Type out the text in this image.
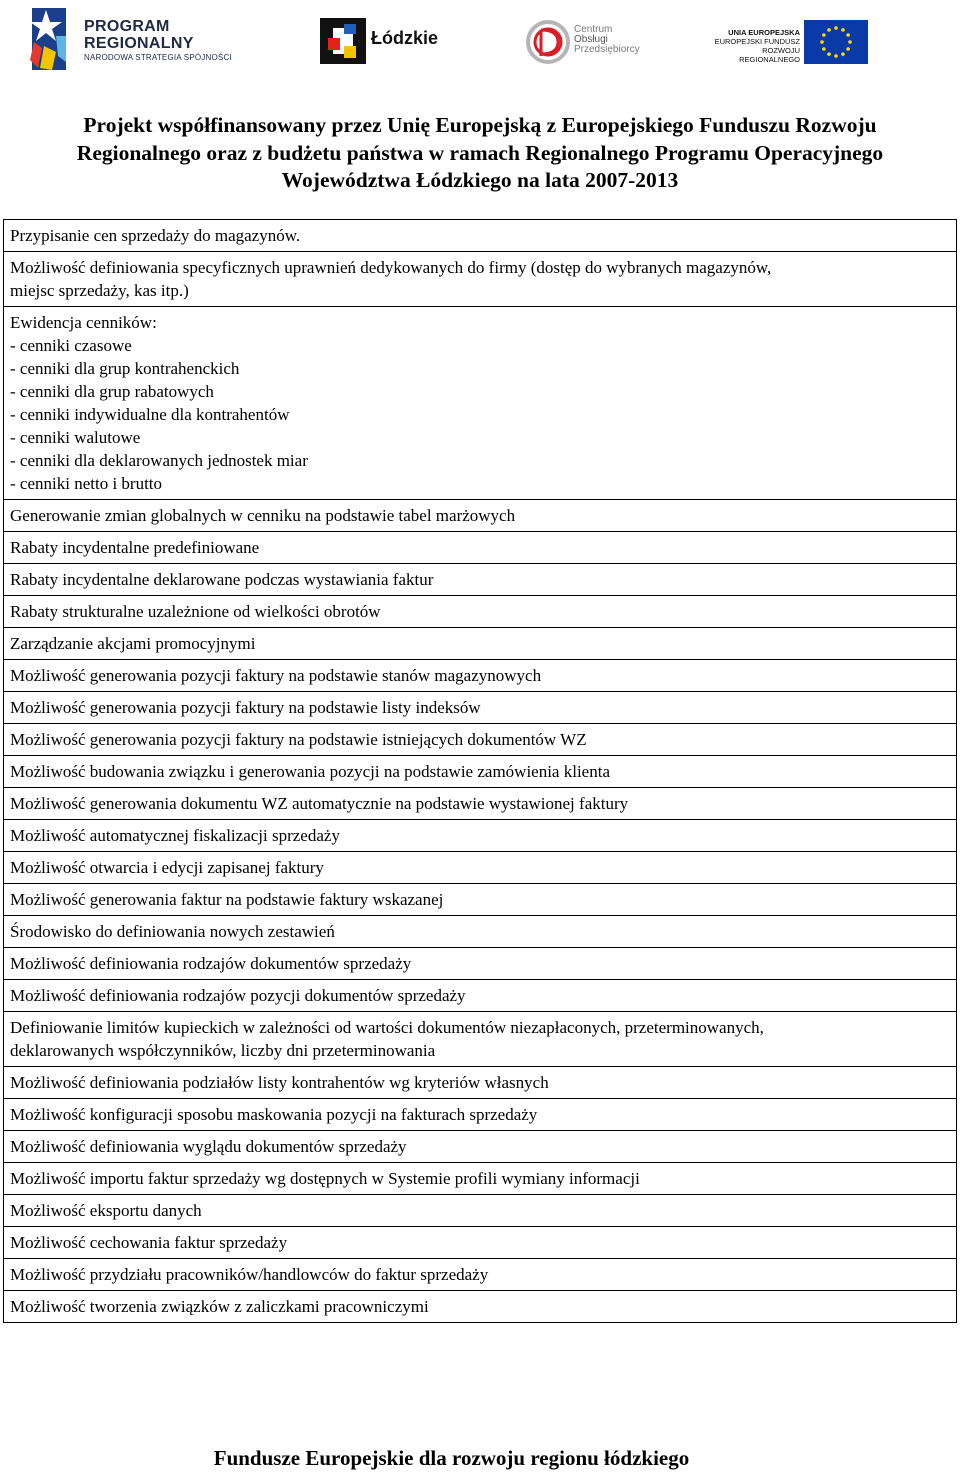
PROGRAM
REGIONALNY
NARODOWA STRATEGIA SPÓJNOŚCI
Łódzkie	Centrum
Obsługi
Przedsiębiorcy
UNIA EUROPEJSKA
EUROPEJSKI FUNDUSZ
ROZWOJU REGIONALNEGO
Projekt współfinansowany przez Unię Europejską z Europejskiego Funduszu Rozwoju
Regionalnego oraz z budżetu państwa w ramach Regionalnego Programu Operacyjnego
Województwa Łódzkiego na lata 2007-2013
Przypisanie cen sprzedaży do magazynów.

Możliwość definiowania specyficznych uprawnień dedykowanych do firmy (dostęp do wybranych magazynów,
miejsc sprzedaży, kas itp.)

Ewidencja cenników:
- cenniki czasowe
- cenniki dla grup kontrahenckich
- cenniki dla grup rabatowych
- cenniki indywidualne dla kontrahentów
- cenniki walutowe
- cenniki dla deklarowanych jednostek miar
- cenniki netto i brutto

Generowanie zmian globalnych w cenniku na podstawie tabel marżowych

Rabaty incydentalne predefiniowane

Rabaty incydentalne deklarowane podczas wystawiania faktur

Rabaty strukturalne uzależnione od wielkości obrotów

Zarządzanie akcjami promocyjnymi

Możliwość generowania pozycji faktury na podstawie stanów magazynowych

Możliwość generowania pozycji faktury na podstawie listy indeksów

Możliwość generowania pozycji faktury na podstawie istniejących dokumentów WZ

Możliwość budowania związku i generowania pozycji na podstawie zamówienia klienta

Możliwość generowania dokumentu WZ automatycznie na podstawie wystawionej faktury

Możliwość automatycznej fiskalizacji sprzedaży

Możliwość otwarcia i edycji zapisanej faktury

Możliwość generowania faktur na podstawie faktury wskazanej

Środowisko do definiowania nowych zestawień

Możliwość definiowania rodzajów dokumentów sprzedaży

Możliwość definiowania rodzajów pozycji dokumentów sprzedaży

Definiowanie limitów kupieckich w zależności od wartości dokumentów niezapłaconych, przeterminowanych,
deklarowanych współczynników, liczby dni przeterminowania

Możliwość definiowania podziałów listy kontrahentów wg kryteriów własnych

Możliwość konfiguracji sposobu maskowania pozycji na fakturach sprzedaży

Możliwość definiowania wyglądu dokumentów sprzedaży

Możliwość importu faktur sprzedaży wg dostępnych w Systemie profili wymiany informacji

Możliwość eksportu danych

Możliwość cechowania faktur sprzedaży

Możliwość przydziału pracowników/handlowców do faktur sprzedaży

Możliwość tworzenia związków z zaliczkami pracowniczymi
Fundusze Europejskie dla rozwoju regionu łódzkiego
